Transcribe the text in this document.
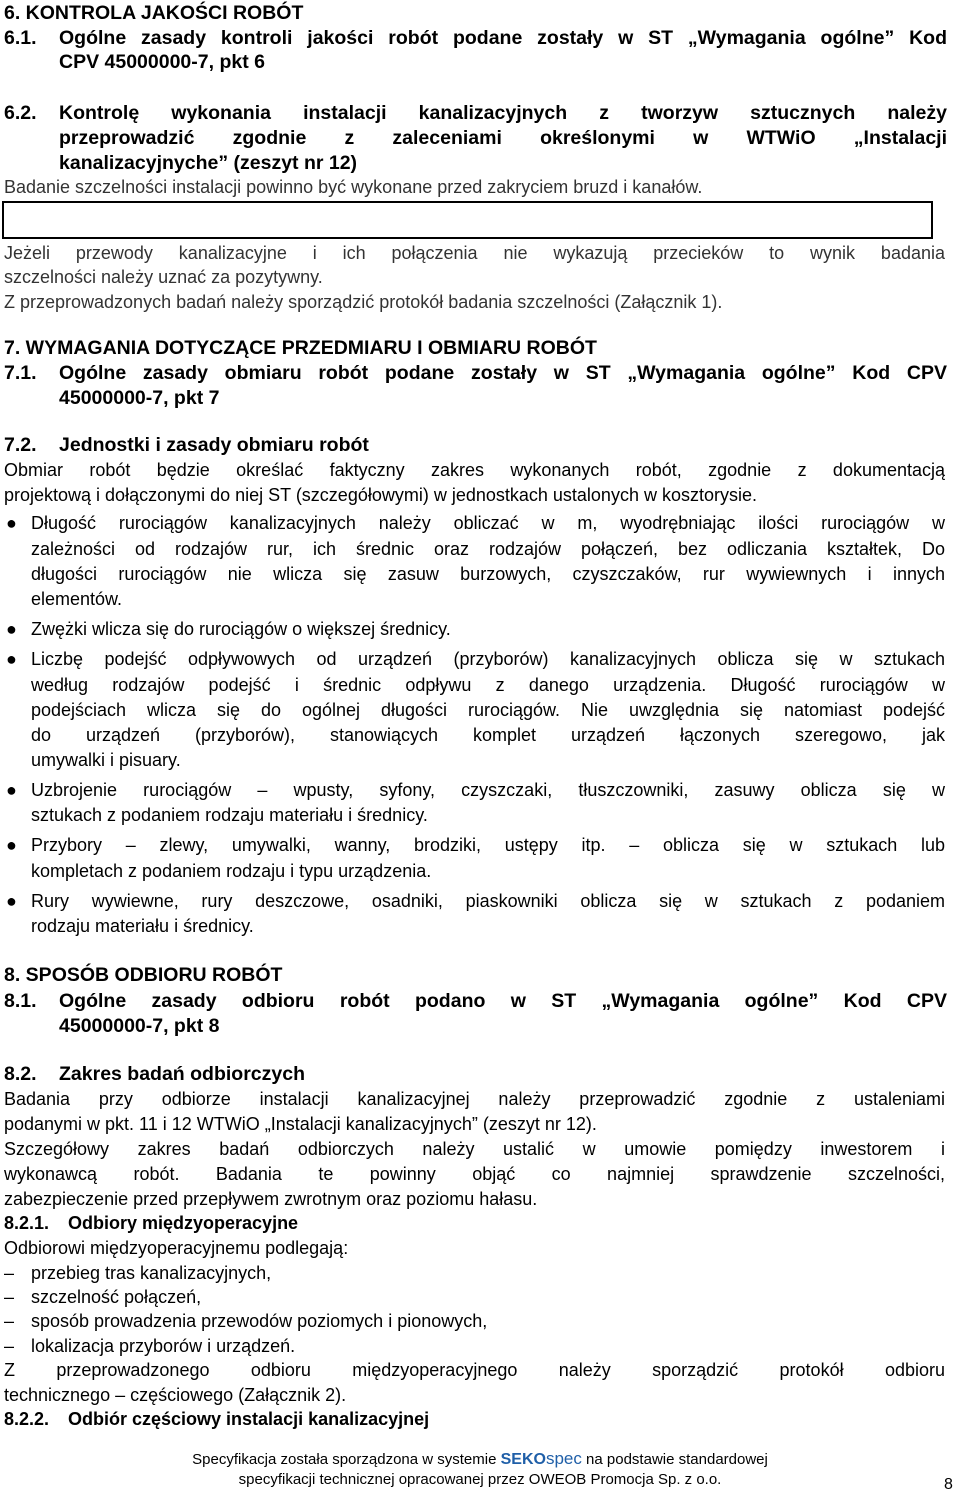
6. KONTROLA JAKOŚCI ROBÓT
6.1. Ogólne zasady kontroli jakości robót podane zostały w ST „Wymagania ogólne” Kod
CPV 45000000-7, pkt 6
6.2. Kontrolę wykonania instalacji kanalizacyjnych z tworzyw sztucznych należy
przeprowadzić zgodnie z zaleceniami określonymi w WTWiO „Instalacji
kanalizacyjnyche” (zeszyt nr 12)
Badanie szczelności instalacji powinno być wykonane przed zakryciem bruzd i kanałów.
Jeżeli przewody kanalizacyjne i ich połączenia nie wykazują przecieków to wynik badania
szczelności należy uznać za pozytywny.
Z przeprowadzonych badań należy sporządzić protokół badania szczelności (Załącznik 1).
7. WYMAGANIA DOTYCZĄCE PRZEDMIARU I OBMIARU ROBÓT
7.1. Ogólne zasady obmiaru robót podane zostały w ST „Wymagania ogólne” Kod CPV
45000000-7, pkt 7
7.2. Jednostki i zasady obmiaru robót
Obmiar robót będzie określać faktyczny zakres wykonanych robót, zgodnie z dokumentacją
projektową i dołączonymi do niej ST (szczegółowymi) w jednostkach ustalonych w kosztorysie.
● Długość rurociągów kanalizacyjnych należy obliczać w m, wyodrębniając ilości rurociągów w
zależności od rodzajów rur, ich średnic oraz rodzajów połączeń, bez odliczania kształtek, Do
długości rurociągów nie wlicza się zasuw burzowych, czyszczaków, rur wywiewnych i innych
elementów.
● Zwężki wlicza się do rurociągów o większej średnicy.
● Liczbę podejść odpływowych od urządzeń (przyborów) kanalizacyjnych oblicza się w sztukach
według rodzajów podejść i średnic odpływu z danego urządzenia. Długość rurociągów w
podejściach wlicza się do ogólnej długości rurociągów. Nie uwzględnia się natomiast podejść
do urządzeń (przyborów), stanowiących komplet urządzeń łączonych szeregowo, jak
umywalki i pisuary.
● Uzbrojenie rurociągów – wpusty, syfony, czyszczaki, tłuszczowniki, zasuwy oblicza się w
sztukach z podaniem rodzaju materiału i średnicy.
● Przybory – zlewy, umywalki, wanny, brodziki, ustępy itp. – oblicza się w sztukach lub
kompletach z podaniem rodzaju i typu urządzenia.
● Rury wywiewne, rury deszczowe, osadniki, piaskowniki oblicza się w sztukach z podaniem
rodzaju materiału i średnicy.
8. SPOSÓB ODBIORU ROBÓT
8.1. Ogólne zasady odbioru robót podano w ST „Wymagania ogólne” Kod CPV
45000000-7, pkt 8
8.2. Zakres badań odbiorczych
Badania przy odbiorze instalacji kanalizacyjnej należy przeprowadzić zgodnie z ustaleniami
podanymi w pkt. 11 i 12 WTWiO „Instalacji kanalizacyjnych” (zeszyt nr 12).
Szczegółowy zakres badań odbiorczych należy ustalić w umowie pomiędzy inwestorem i
wykonawcą robót. Badania te powinny objąć co najmniej sprawdzenie szczelności,
zabezpieczenie przed przepływem zwrotnym oraz poziomu hałasu.
8.2.1. Odbiory międzyoperacyjne
Odbiorowi międzyoperacyjnemu podlegają:
– przebieg tras kanalizacyjnych,
– szczelność połączeń,
– sposób prowadzenia przewodów poziomych i pionowych,
– lokalizacja przyborów i urządzeń.
Z przeprowadzonego odbioru międzyoperacyjnego należy sporządzić protokół odbioru
technicznego – częściowego (Załącznik 2).
8.2.2. Odbiór częściowy instalacji kanalizacyjnej
Specyfikacja została sporządzona w systemie SEKOspec na podstawie standardowej
specyfikacji technicznej opracowanej przez OWEOB Promocja Sp. z o.o.	8
